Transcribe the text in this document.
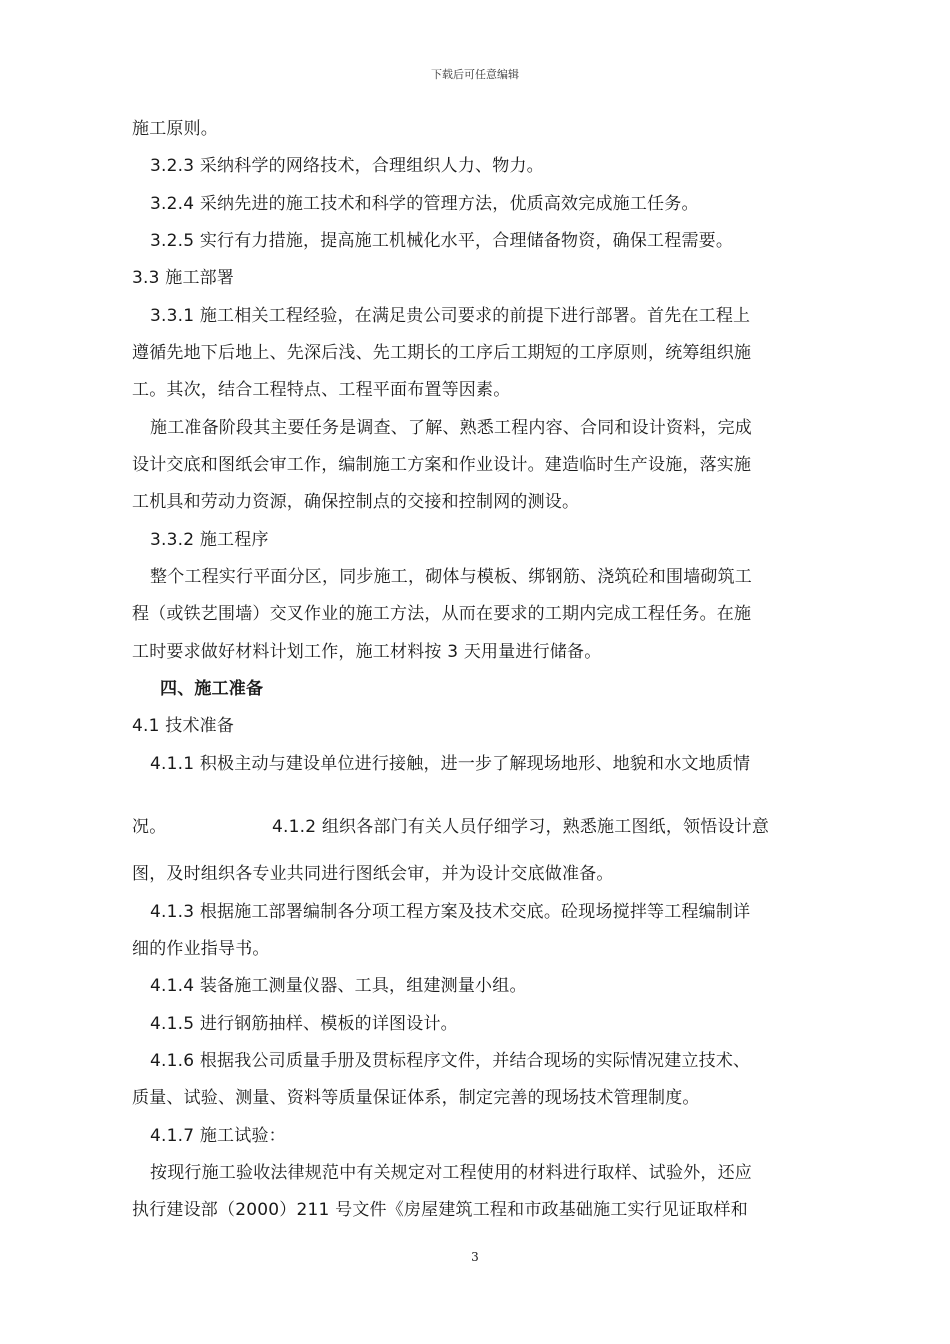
下载后可任意编辑
施工原则。
3.2.3 采纳科学的网络技术，合理组织人力、物力。
3.2.4 采纳先进的施工技术和科学的管理方法，优质高效完成施工任务。
3.2.5 实行有力措施，提高施工机械化水平，合理储备物资，确保工程需要。
3.3 施工部署
3.3.1 施工相关工程经验，在满足贵公司要求的前提下进行部署。首先在工程上
遵循先地下后地上、先深后浅、先工期长的工序后工期短的工序原则，统筹组织施
工。其次，结合工程特点、工程平面布置等因素。
施工准备阶段其主要任务是调查、了解、熟悉工程内容、合同和设计资料，完成
设计交底和图纸会审工作，编制施工方案和作业设计。建造临时生产设施，落实施
工机具和劳动力资源，确保控制点的交接和控制网的测设。
3.3.2 施工程序
整个工程实行平面分区，同步施工，砌体与模板、绑钢筋、浇筑砼和围墙砌筑工
程（或铁艺围墙）交叉作业的施工方法，从而在要求的工期内完成工程任务。在施
工时要求做好材料计划工作，施工材料按 3 天用量进行储备。
四、施工准备
4.1 技术准备
4.1.1 积极主动与建设单位进行接触，进一步了解现场地形、地貌和水文地质情
况。	4.1.2 组织各部门有关人员仔细学习，熟悉施工图纸，领悟设计意
图，及时组织各专业共同进行图纸会审，并为设计交底做准备。
4.1.3 根据施工部署编制各分项工程方案及技术交底。砼现场搅拌等工程编制详
细的作业指导书。
4.1.4 装备施工测量仪器、工具，组建测量小组。
4.1.5 进行钢筋抽样、模板的详图设计。
4.1.6 根据我公司质量手册及贯标程序文件，并结合现场的实际情况建立技术、
质量、试验、测量、资料等质量保证体系，制定完善的现场技术管理制度。
4.1.7 施工试验：
按现行施工验收法律规范中有关规定对工程使用的材料进行取样、试验外，还应
执行建设部（2000）211 号文件《房屋建筑工程和市政基础施工实行见证取样和
3
